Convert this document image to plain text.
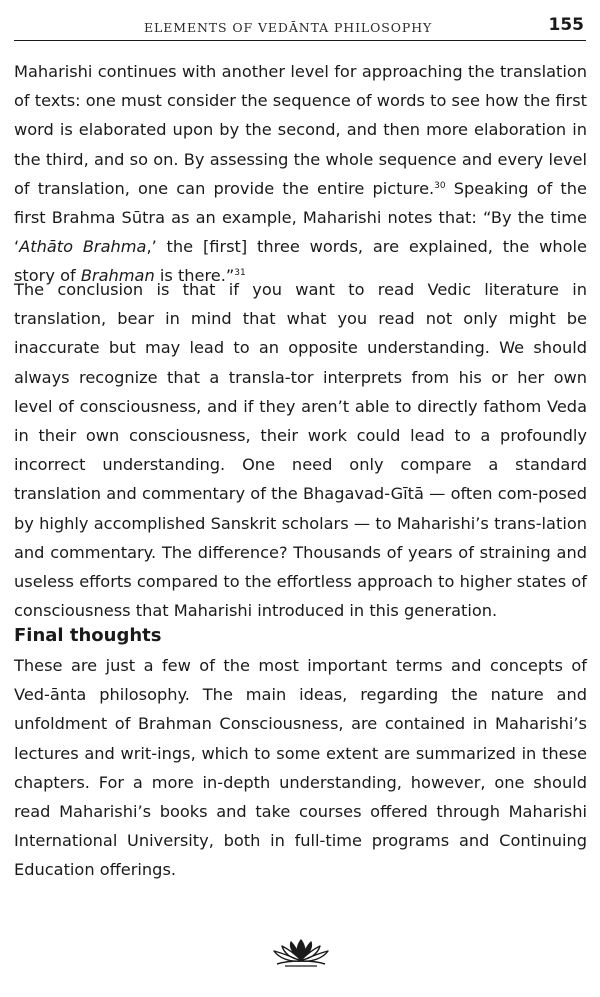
ELEMENTS OF VEDĀNTA PHILOSOPHY	155

Maharishi continues with another level for approaching the translation of texts: one must consider the sequence of words to see how the first word is elaborated upon by the second, and then more elaboration in the third, and so on. By assessing the whole sequence and every level of translation, one can provide the entire picture.$^{30}$ Speaking of the first Brahma Sūtra as an example, Maharishi notes that: “By the time ‘Athāto Brahma,’ the [first] three words, are explained, the whole story of Brahman is there.”$^{31}$

The conclusion is that if you want to read Vedic literature in translation, bear in mind that what you read not only might be inaccurate but may lead to an opposite understanding. We should always recognize that a transla-tor interprets from his or her own level of consciousness, and if they aren’t able to directly fathom Veda in their own consciousness, their work could lead to a profoundly incorrect understanding. One need only compare a standard translation and commentary of the Bhagavad-Gītā — often com-posed by highly accomplished Sanskrit scholars — to Maharishi’s trans-lation and commentary. The difference? Thousands of years of straining and useless efforts compared to the effortless approach to higher states of consciousness that Maharishi introduced in this generation.

Final thoughts

These are just a few of the most important terms and concepts of Ved-ānta philosophy. The main ideas, regarding the nature and unfoldment of Brahman Consciousness, are contained in Maharishi’s lectures and writ-ings, which to some extent are summarized in these chapters. For a more in-depth understanding, however, one should read Maharishi’s books and take courses offered through Maharishi International University, both in full-time programs and Continuing Education offerings.
